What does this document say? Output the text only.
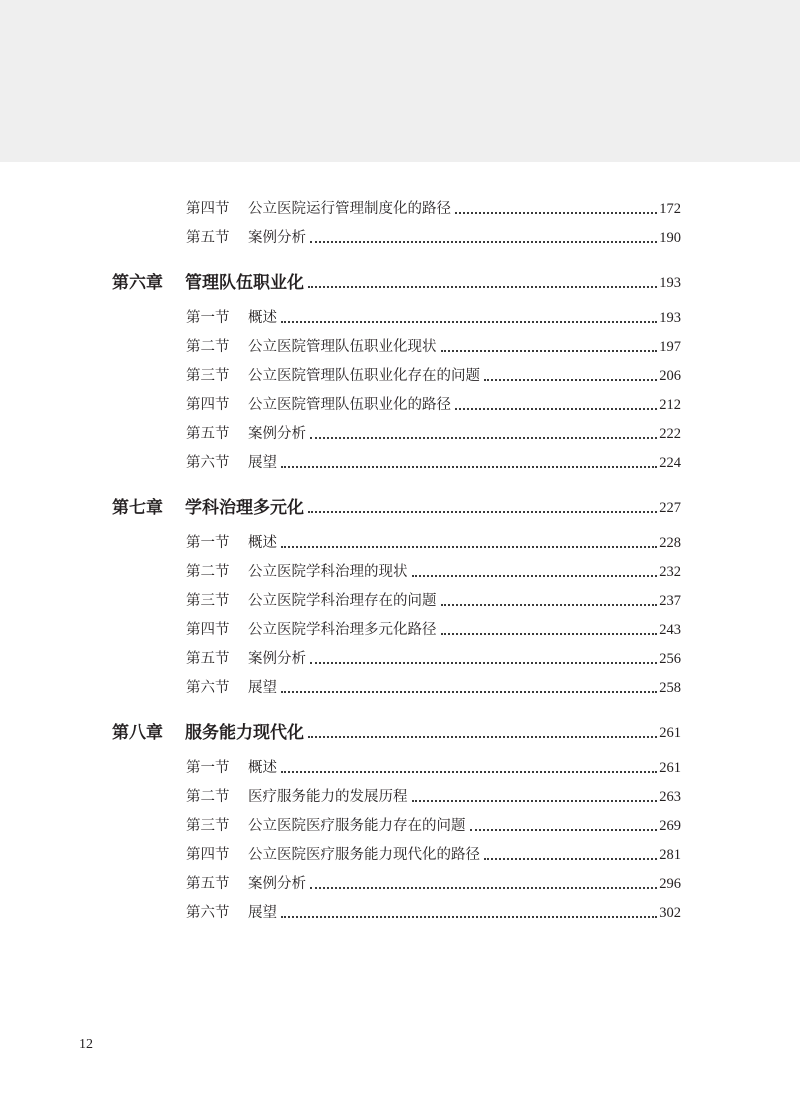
第四节	公立医院运行管理制度化的路径	172
第五节	案例分析	190
第六章	管理队伍职业化	193
第一节	概述	193
第二节	公立医院管理队伍职业化现状	197
第三节	公立医院管理队伍职业化存在的问题	206
第四节	公立医院管理队伍职业化的路径	212
第五节	案例分析	222
第六节	展望	224
第七章	学科治理多元化	227
第一节	概述	228
第二节	公立医院学科治理的现状	232
第三节	公立医院学科治理存在的问题	237
第四节	公立医院学科治理多元化路径	243
第五节	案例分析	256
第六节	展望	258
第八章	服务能力现代化	261
第一节	概述	261
第二节	医疗服务能力的发展历程	263
第三节	公立医院医疗服务能力存在的问题	269
第四节	公立医院医疗服务能力现代化的路径	281
第五节	案例分析	296
第六节	展望	302
12
